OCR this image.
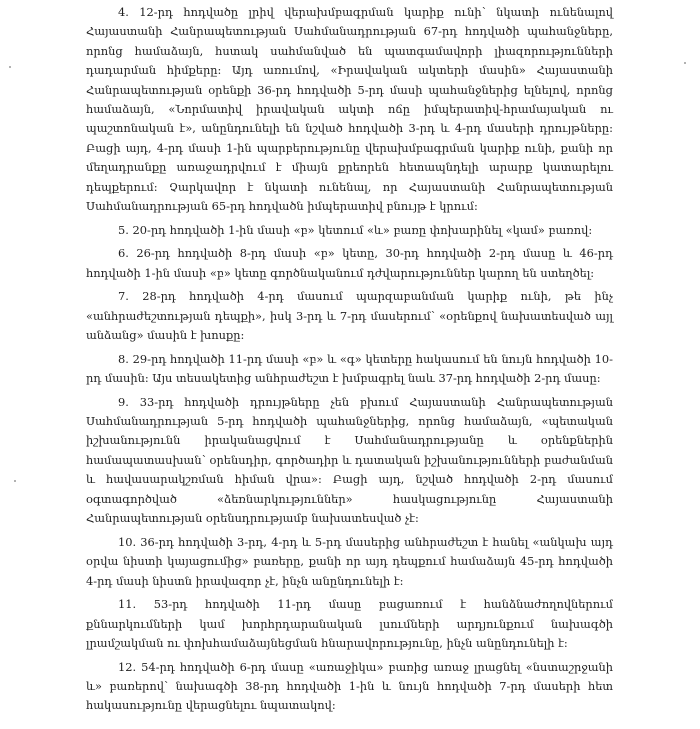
4. 12-րդ հոդվածը լրիվ վերախմբագրման կարիք ունի՝ նկատի ունենալով Հայաստանի Հանրապետության Սահմանադրության 67-րդ հոդվածի պահանջները, որոնց համաձայն, հստակ սահմանված են պատգամավորի լիազորությունների դադարման հիմքերը: Այդ առումով, «Իրավական ակտերի մասին» Հայաստանի Հանրապետության օրենքի 36-րդ հոդվածի 5-րդ մասի պահանջներից ելնելով, որոնց համաձայն, «Նորմատիվ իրավական ակտի ոճը իմպերատիվ-հրամայական ու պաշտոնական է», անընդունելի են նշված հոդվածի 3-րդ և 4-րդ մասերի դրույթները: Բացի այդ, 4-րդ մասի 1-ին պարբերությունը վերախմբագրման կարիք ունի, քանի որ մեղադրանքը առաջադրվում է միայն քրեորեն հետապնդելի արարք կատարելու դեպքերում: Չարկավոր է նկատի ունենալ, որ Հայաստանի Հանրապետության Սահմանադրության 65-րդ հոդվածն իմպերատիվ բնույթ է կրում:

5. 20-րդ հոդվածի 1-ին մասի «բ» կետում «և» բառը փոխարինել «կամ» բառով:

6. 26-րդ հոդվածի 8-րդ մասի «բ» կետը, 30-րդ հոդվածի 2-րդ մասը և 46-րդ հոդվածի 1-ին մասի «բ» կետը գործնականում դժվարություններ կարող են ստեղծել:

7. 28-րդ հոդվածի 4-րդ մասում պարզաբանման կարիք ունի, թե ինչ «անհրաժեշտության դեպքի», իսկ 3-րդ և 7-րդ մասերում՝ «օրենքով նախատեսված այլ անձանց» մասին է խոսքը:

8. 29-րդ հոդվածի 11-րդ մասի «բ» և «գ» կետերը հակասում են նույն հոդվածի 10-րդ մասին: Այս տեսակետից անհրաժեշտ է խմբագրել նաև 37-րդ հոդվածի 2-րդ մասը:

9. 33-րդ հոդվածի դրույթները չեն բխում Հայաստանի Հանրապետության Սահմանադրության 5-րդ հոդվածի պահանջներից, որոնց համաձայն, «պետական իշխանությունն իրականացվում է Սահմանադրությանը և օրենքներին համապատասխան՝ օրենսդիր, գործադիր և դատական իշխանությունների բաժանման և հավասարակշռման հիման վրա»: Բացի այդ, նշված հոդվածի 2-րդ մասում օգտագործված «ձեռնարկություններ» հասկացությունը Հայաստանի Հանրապետության օրենսդրությամբ նախատեսված չէ:

10. 36-րդ հոդվածի 3-րդ, 4-րդ և 5-րդ մասերից անհրաժեշտ է հանել «անկախ այդ օրվա նիստի կայացումից» բառերը, քանի որ այդ դեպքում համաձայն 45-րդ հոդվածի 4-րդ մասի նիստն իրավազոր չէ, ինչն անընդունելի է:

11. 53-րդ հոդվածի 11-րդ մասը բացառում է հանձնաժողովներում քննարկումների կամ խորհրդարանական լսումների արդյունքում նախագծի լրամշակման ու փոխհամաձայնեցման հնարավորությունը, ինչն անընդունելի է:

12. 54-րդ հոդվածի 6-րդ մասը «առաջիկա» բառից առաջ լրացնել «նստաշրջանի և» բառերով՝ նախագծի 38-րդ հոդվածի 1-ին և նույն հոդվածի 7-րդ մասերի հետ հակասությունը վերացնելու նպատակով:
